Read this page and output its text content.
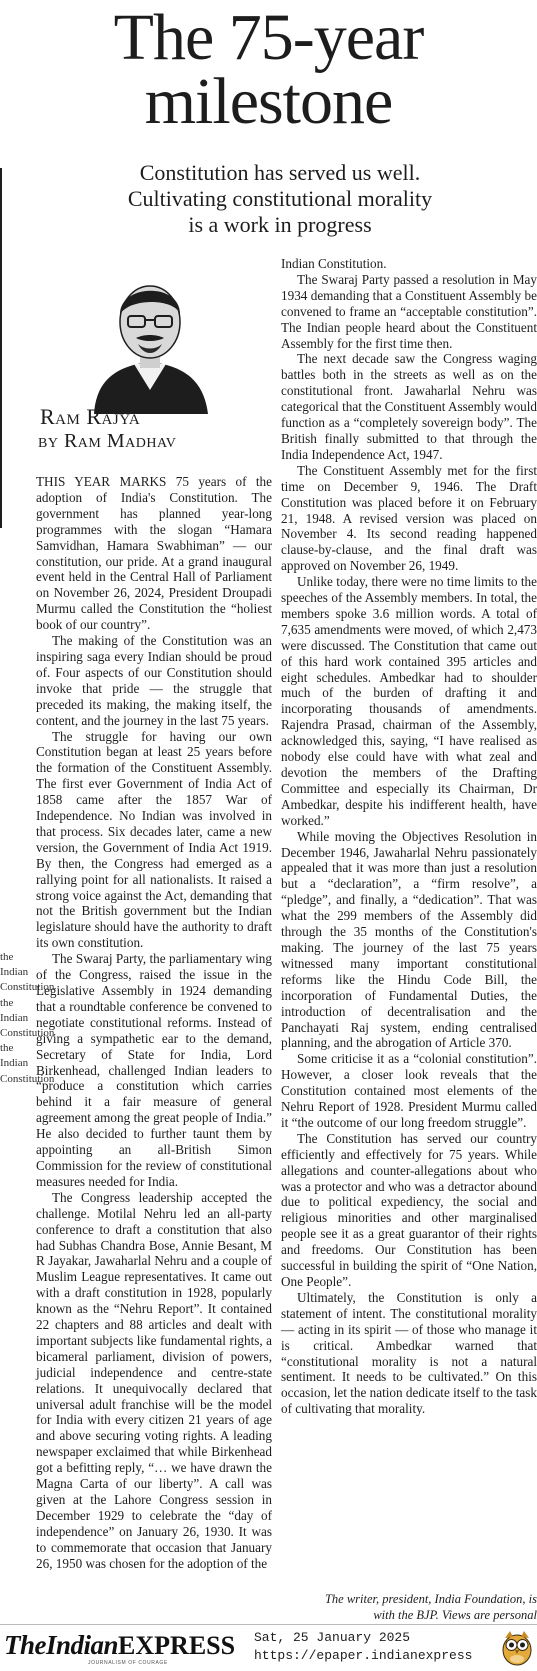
the Indian Constitution the Indian Constitution the Indian Constitution
The 75-year
milestone
Constitution has served us well.
Cultivating constitutional morality
is a work in progress
Ram Rajya
by Ram Madhav

THIS YEAR MARKS 75 years of the adoption of India's Constitution. The government has planned year-long programmes with the slogan “Hamara Samvidhan, Hamara Swabhiman” — our constitution, our pride. At a grand inaugural event held in the Central Hall of Parliament on November 26, 2024, President Droupadi Murmu called the Constitution the “holiest book of our country”.

The making of the Constitution was an inspiring saga every Indian should be proud of. Four aspects of our Constitution should invoke that pride — the struggle that preceded its making, the making itself, the content, and the journey in the last 75 years.

The struggle for having our own Constitution began at least 25 years before the formation of the Constituent Assembly. The first ever Government of India Act of 1858 came after the 1857 War of Independence. No Indian was involved in that process. Six decades later, came a new version, the Government of India Act 1919. By then, the Congress had emerged as a rallying point for all nationalists. It raised a strong voice against the Act, demanding that not the British government but the Indian legislature should have the authority to draft its own constitution.

The Swaraj Party, the parliamentary wing of the Congress, raised the issue in the Legislative Assembly in 1924 demanding that a roundtable conference be convened to negotiate constitutional reforms. Instead of giving a sympathetic ear to the demand, Secretary of State for India, Lord Birkenhead, challenged Indian leaders to “produce a constitution which carries behind it a fair measure of general agreement among the great people of India.” He also decided to further taunt them by appointing an all-British Simon Commission for the review of constitutional measures needed for India.

The Congress leadership accepted the challenge. Motilal Nehru led an all-party conference to draft a constitution that also had Subhas Chandra Bose, Annie Besant, M R Jayakar, Jawaharlal Nehru and a couple of Muslim League representatives. It came out with a draft constitution in 1928, popularly known as the “Nehru Report”. It contained 22 chapters and 88 articles and dealt with important subjects like fundamental rights, a bicameral parliament, division of powers, judicial independence and centre-state relations. It unequivocally declared that universal adult franchise will be the model for India with every citizen 21 years of age and above securing voting rights. A leading newspaper exclaimed that while Birkenhead got a befitting reply, “… we have drawn the Magna Carta of our liberty”. A call was given at the Lahore Congress session in December 1929 to celebrate the “day of independence” on January 26, 1930. It was to commemorate that occasion that January 26, 1950 was chosen for the adoption of the

Indian Constitution.

The Swaraj Party passed a resolution in May 1934 demanding that a Constituent Assembly be convened to frame an “acceptable constitution”. The Indian people heard about the Constituent Assembly for the first time then.

The next decade saw the Congress waging battles both in the streets as well as on the constitutional front. Jawaharlal Nehru was categorical that the Constituent Assembly would function as a “completely sovereign body”. The British finally submitted to that through the India Independence Act, 1947.

The Constituent Assembly met for the first time on December 9, 1946. The Draft Constitution was placed before it on February 21, 1948. A revised version was placed on November 4. Its second reading happened clause-by-clause, and the final draft was approved on November 26, 1949.

Unlike today, there were no time limits to the speeches of the Assembly members. In total, the members spoke 3.6 million words. A total of 7,635 amendments were moved, of which 2,473 were discussed. The Constitution that came out of this hard work contained 395 articles and eight schedules. Ambedkar had to shoulder much of the burden of drafting it and incorporating thousands of amendments. Rajendra Prasad, chairman of the Assembly, acknowledged this, saying, “I have realised as nobody else could have with what zeal and devotion the members of the Drafting Committee and especially its Chairman, Dr Ambedkar, despite his indifferent health, have worked.”

While moving the Objectives Resolution in December 1946, Jawaharlal Nehru passionately appealed that it was more than just a resolution but a “declaration”, a “firm resolve”, a “pledge”, and finally, a “dedication”. That was what the 299 members of the Assembly did through the 35 months of the Constitution's making. The journey of the last 75 years witnessed many important constitutional reforms like the Hindu Code Bill, the incorporation of Fundamental Duties, the introduction of decentralisation and the Panchayati Raj system, ending centralised planning, and the abrogation of Article 370.

Some criticise it as a “colonial constitution”. However, a closer look reveals that the Constitution contained most elements of the Nehru Report of 1928. President Murmu called it “the outcome of our long freedom struggle”.

The Constitution has served our country efficiently and effectively for 75 years. While allegations and counter-allegations about who was a protector and who was a detractor abound due to political expediency, the social and religious minorities and other marginalised people see it as a great guarantor of their rights and freedoms. Our Constitution has been successful in building the spirit of “One Nation, One People”.

Ultimately, the Constitution is only a statement of intent. The constitutional morality — acting in its spirit — of those who manage it is critical. Ambedkar warned that “constitutional morality is not a natural sentiment. It needs to be cultivated.” On this occasion, let the nation dedicate itself to the task of cultivating that morality.

The writer, president, India Foundation, is
with the BJP. Views are personal
TheIndianEXPRESS
JOURNALISM OF COURAGE
Sat, 25 January 2025
https://epaper.indianexpress
